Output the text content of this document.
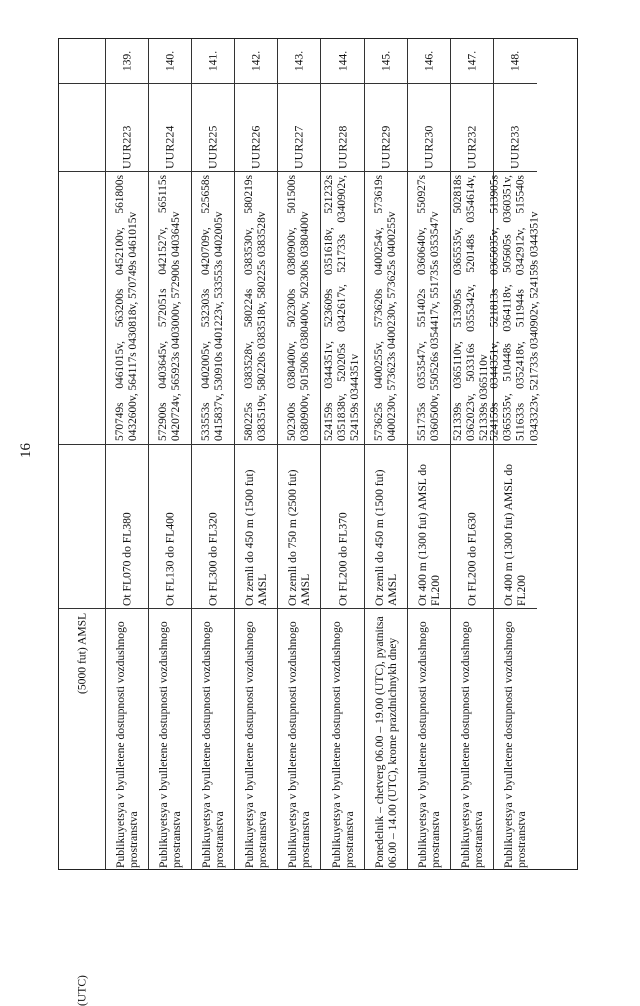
16
(5000 fut) AMSL
(UTC)
139.
UUR223
570749s 0461015v, 563200s 0452100v, 561800s 0432600v, 564117s 0430818v, 570749s 0461015v
Ot FL070 do FL380
Publikuyetsya v byulletene dostupnosti vozdushnogo prostranstva
140.
UUR224
572900s 0403645v, 572051s 0421527v, 565115s 0420724v, 565923s 0403000v, 572900s 0403645v
Ot FL130 do FL400
Publikuyetsya v byulletene dostupnosti vozdushnogo prostranstva
141.
UUR225
533553s 0402005v, 532303s 0420709v, 525658s 0415837v, 530910s 0401223v, 533553s 0402005v
Ot FL300 do FL320
Publikuyetsya v byulletene dostupnosti vozdushnogo prostranstva
142.
UUR226
580225s 0383528v, 580224s 0383530v, 580219s 0383519v, 580220s 0383518v, 580225s 0383528v
Ot zemli do 450 m (1500 fut) AMSL
Publikuyetsya v byulletene dostupnosti vozdushnogo prostranstva
143.
UUR227
502300s 0380400v, 502300s 0380900v, 501500s 0380900v, 501500s 0380400v, 502300s 0380400v
Ot zemli do 750 m (2500 fut) AMSL
Publikuyetsya v byulletene dostupnosti vozdushnogo prostranstva
144.
UUR228
524159s 0344351v, 523609s 0351618v, 521232s 0351838v, 520205s 0342617v, 521733s 0340902v, 524159s 0344351v
Ot FL200 do FL370
Publikuyetsya v byulletene dostupnosti vozdushnogo prostranstva
145.
UUR229
573625s 0400255v, 573620s 0400254v, 573619s 0400230v, 573623s 0400230v, 573625s 0400255v
Ot zemli do 450 m (1500 fut) AMSL
Ponedelnik – chetverg 06.00 – 19.00 (UTC), pyatnitsa 06.00 – 14.00 (UTC), krome prazdnichnykh dney
146.
UUR230
551735s 0353547v, 551402s 0360640v, 550927s 0360500v, 550526s 0354417v, 551735s 0353547v
Ot 400 m (1300 fut) AMSL do FL200
Publikuyetsya v byulletene dostupnosti vozdushnogo prostranstva
147.
UUR232
521339s 0365110v, 513905s 0365535v, 502818s 0362023v, 503316s 0355342v, 520148s 0354614v, 521339s 0365110v
Ot FL200 do FL630
Publikuyetsya v byulletene dostupnosti vozdushnogo prostranstva
148.
UUR233
524159s 0344351v, 521813s 0365035v, 513905s 0365535v, 510448s 0364118v, 505605s 0360351v, 511633s 0352418v, 511944s 0342912v, 515540s 0343323v, 521733s 0340902v, 524159s 0344351v
Ot 400 m (1300 fut) AMSL do FL200
Publikuyetsya v byulletene dostupnosti vozdushnogo prostranstva
